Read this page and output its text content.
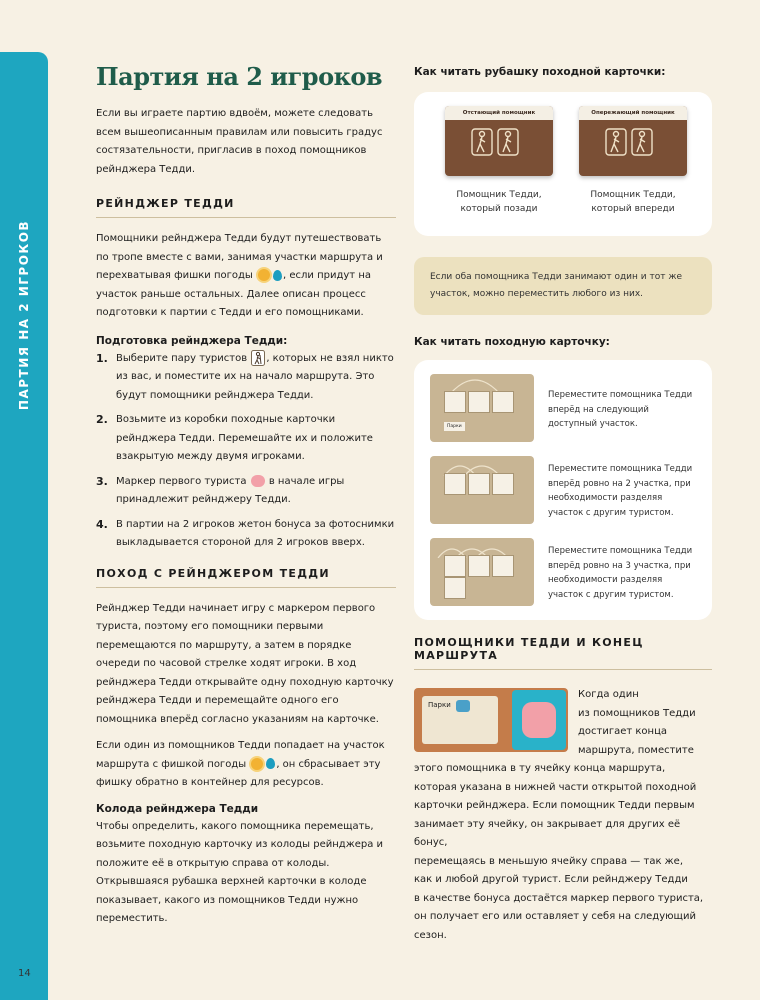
ПАРТИЯ НА 2 ИГРОКОВ
14
Партия на 2 игроков

Если вы играете партию вдвоём, можете следовать всем вышеописанным правилам или повысить градус состязательности, пригласив в поход помощников рейнджера Тедди.

РЕЙНДЖЕР ТЕДДИ

Помощники рейнджера Тедди будут путешествовать по тропе вместе с вами, занимая участки маршрута и перехватывая фишки погоды	, если придут на участок раньше остальных. Далее описан процесс подготовки к партии с Тедди и его помощниками.

Подготовка рейнджера Тедди:
1. Выберите пару туристов , которых не взял никто из вас, и поместите их на начало маршрута. Это будут помощники рейнджера Тедди.
2. Возьмите из коробки походные карточки рейнджера Тедди. Перемешайте их и положите взакрытую между двумя игроками.
3. Маркер первого туриста  в начале игры принадлежит рейнджеру Тедди.
4. В партии на 2 игроков жетон бонуса за фотоснимки выкладывается стороной для 2 игроков вверх.
ПОХОД С РЕЙНДЖЕРОМ ТЕДДИ

Рейнджер Тедди начинает игру с маркером первого туриста, поэтому его помощники первыми перемещаются по маршруту, а затем в порядке очереди по часовой стрелке ходят игроки. В ход рейнджера Тедди открывайте одну походную карточку рейнджера Тедди и перемещайте одного его помощника вперёд согласно указаниям на карточке.

Если один из помощников Тедди попадает на участок маршрута с фишкой погоды	, он сбрасывает эту фишку обратно в контейнер для ресурсов.

Колода рейнджера Тедди

Чтобы определить, какого помощника перемещать, возьмите походную карточку из колоды рейнджера и положите её в открытую справа от колоды. Открывшаяся рубашка верхней карточки в колоде показывает, какого из помощников Тедди нужно переместить.

Как читать рубашку походной карточки:
Отстающий помощник	Опережающий помощник
Помощник Тедди, который позади
Помощник Тедди, который впереди
Если оба помощника Тедди занимают один и тот же участок, можно переместить любого из них.
Как читать походную карточку:
Парки
Переместите помощника Тедди вперёд на следующий доступный участок.
Переместите помощника Тедди вперёд ровно на 2 участка, при необходимости разделяя участок с другим туристом.
Переместите помощника Тедди вперёд ровно на 3 участка, при необходимости разделяя участок с другим туристом.
ПОМОЩНИКИ ТЕДДИ И КОНЕЦ МАРШРУТА
Парки
Когда один
из помощников Тедди
достигает конца
маршрута, поместите
этого помощника в ту ячейку конца маршрута,
которая указана в нижней части открытой походной
карточки рейнджера. Если помощник Тедди первым
занимает эту ячейку, он закрывает для других её бонус,
перемещаясь в меньшую ячейку справа — так же,
как и любой другой турист. Если рейнджеру Тедди
в качестве бонуса достаётся маркер первого туриста,
он получает его или оставляет у себя на следующий
сезон.
